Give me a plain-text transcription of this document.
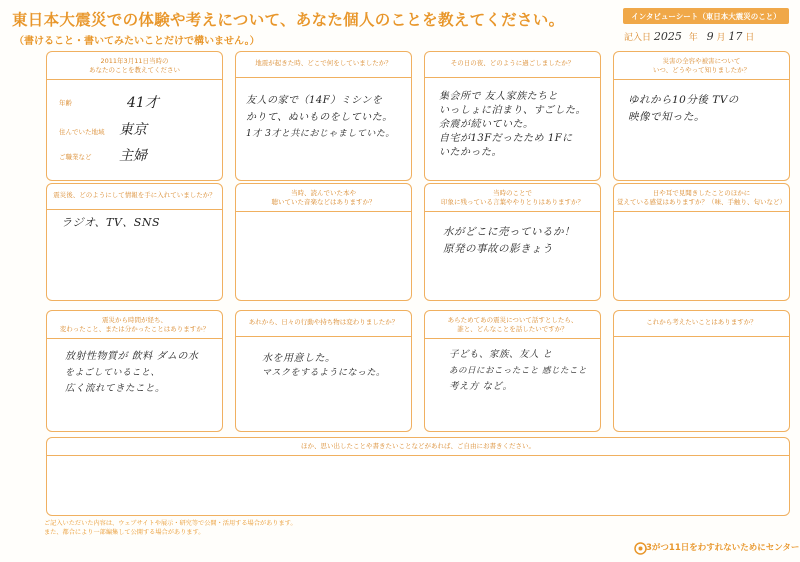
東日本大震災での体験や考えについて、あなた個人のことを教えてください。
（書けること・書いてみたいことだけで構いません。）
インタビューシート（東日本大震災のこと）
記入日 2025 年 9 月 17 日
2011年3月11日当時の
あなたのことを教えてください
年齢	41才
住んでいた地域 東京
ご職業など 主婦
地震が起きた時、どこで何をしていましたか？
友人の家で（14F）ミシンを
かりて、ぬいものをしていた。
1才 3才と共におじゃましていた。
その日の夜、どのように過ごしましたか？
集会所で 友人家族たちと
いっしょに泊まり、すごした。
余震が続いていた。
自宅が13Fだったため 1Fに
いたかった。
災害の全容や被害について
いつ、どうやって知りましたか？
ゆれから10分後 TVの
映像で知った。
震災後、どのようにして情報を手に入れていましたか？
ラジオ、TV、SNS
当時、読んでいた本や
聴いていた音楽などはありますか？
当時のことで
印象に残っている言葉ややりとりはありますか？
水がどこに売っているか！
原発の事故の影きょう
日や耳で見聞きしたことのほかに
覚えている感覚はありますか？（味、手触り、匂いなど）
震災から時間が経ち、
変わったこと、または分かったことはありますか？
放射性物質が 飲料 ダムの水
をよごしていること、
広く流れてきたこと。
あれから、日々の行動や持ち物は変わりましたか？
水を用意した。
マスクをするようになった。
あらためてあの震災について話すとしたら、
誰と、どんなことを話したいですか？
子ども、家族、友人 と
あの日におこったこと 感じたこと
考え方 など。
これから考えたいことはありますか？
ほか、思い出したことや書きたいことなどがあれば、ご自由にお書きください。
ご記入いただいた内容は、ウェブサイトや展示・研究等で公開・活用する場合があります。
また、都合により一部編集して公開する場合があります。
3がつ11日をわすれないためにセンター
